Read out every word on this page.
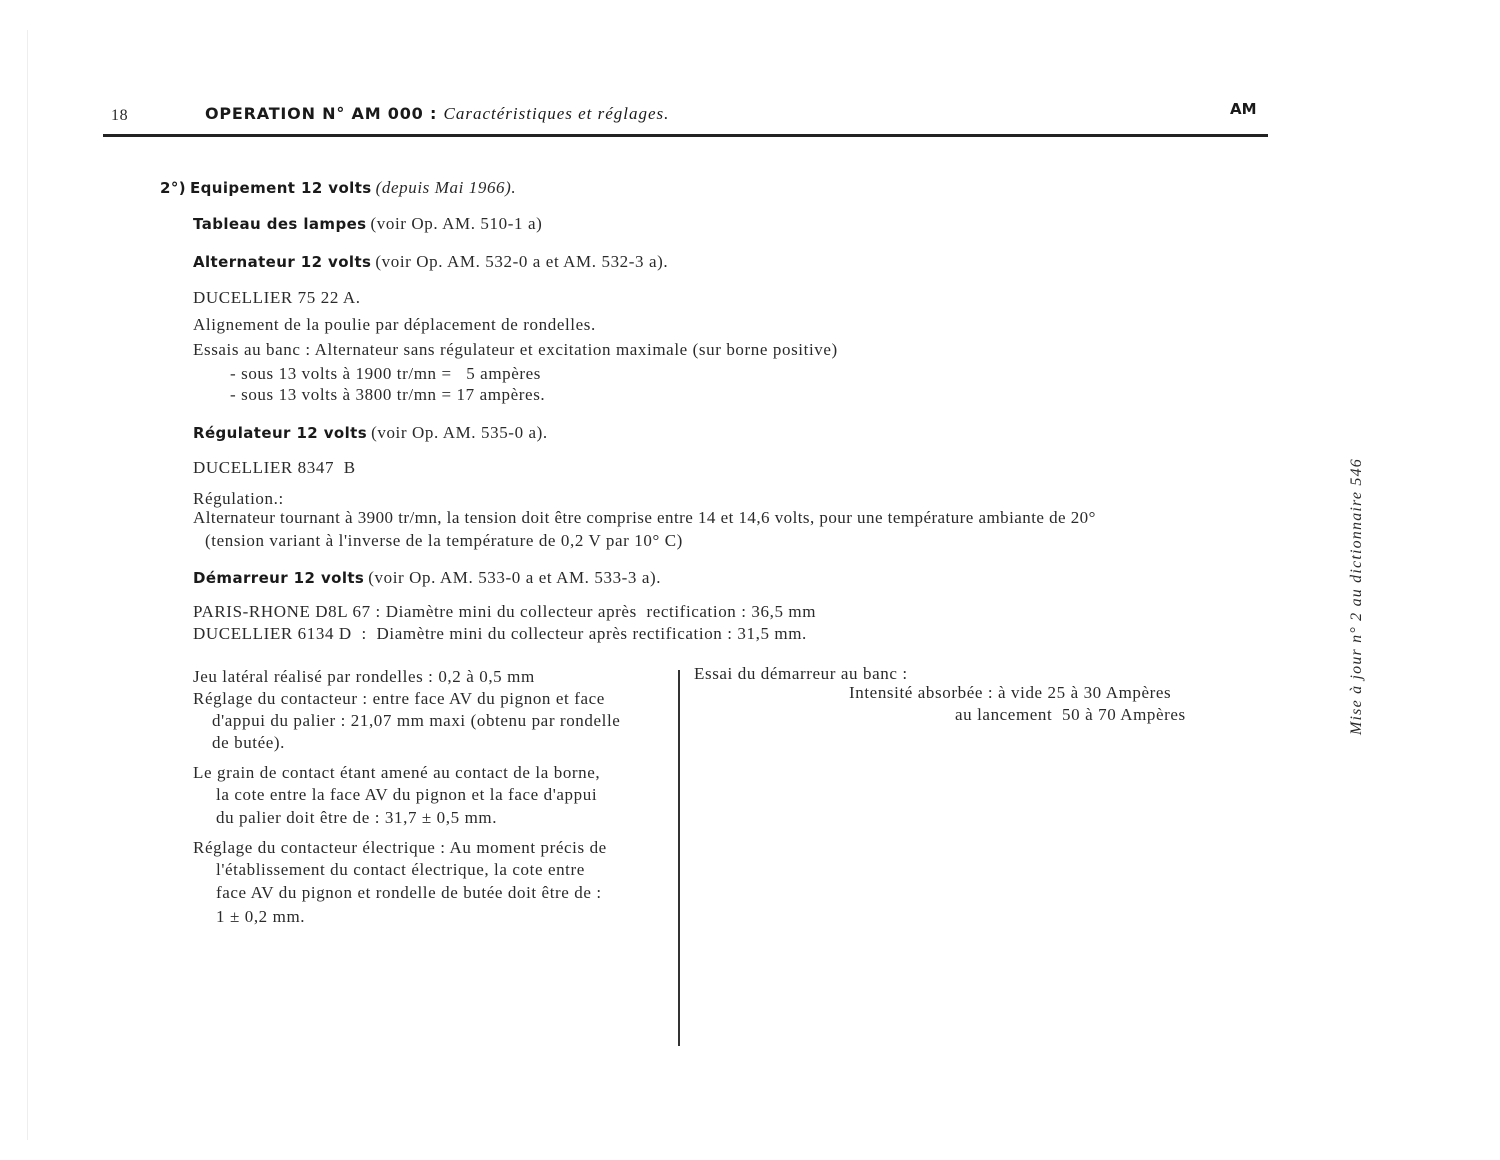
18	OPERATION N° AM 000 : Caractéristiques et réglages.	AM
2°) Equipement 12 volts (depuis Mai 1966).
Tableau des lampes (voir Op. AM. 510-1 a)
Alternateur 12 volts (voir Op. AM. 532-0 a et AM. 532-3 a).
DUCELLIER 75 22 A.
Alignement de la poulie par déplacement de rondelles.
Essais au banc : Alternateur sans régulateur et excitation maximale (sur borne positive)
- sous 13 volts à 1900 tr/mn =   5 ampères
- sous 13 volts à 3800 tr/mn = 17 ampères.
Régulateur 12 volts (voir Op. AM. 535-0 a).
DUCELLIER 8347  B
Régulation.:
Alternateur tournant à 3900 tr/mn, la tension doit être comprise entre 14 et 14,6 volts, pour une température ambiante de 20°
(tension variant à l'inverse de la température de 0,2 V par 10° C)
Démarreur 12 volts (voir Op. AM. 533-0 a et AM. 533-3 a).
PARIS-RHONE D8L 67 : Diamètre mini du collecteur après  rectification : 36,5 mm
DUCELLIER 6134 D  :  Diamètre mini du collecteur après rectification : 31,5 mm.
Jeu latéral réalisé par rondelles : 0,2 à 0,5 mm
Réglage du contacteur : entre face AV du pignon et face
d'appui du palier : 21,07 mm maxi (obtenu par rondelle
de butée).
Le grain de contact étant amené au contact de la borne,
la cote entre la face AV du pignon et la face d'appui
du palier doit être de : 31,7 ± 0,5 mm.
Réglage du contacteur électrique : Au moment précis de
l'établissement du contact électrique, la cote entre
face AV du pignon et rondelle de butée doit être de :
1 ± 0,2 mm.
Essai du démarreur au banc :
Intensité absorbée : à vide 25 à 30 Ampères
au lancement  50 à 70 Ampères	Mise à jour n° 2 au dictionnaire 546
